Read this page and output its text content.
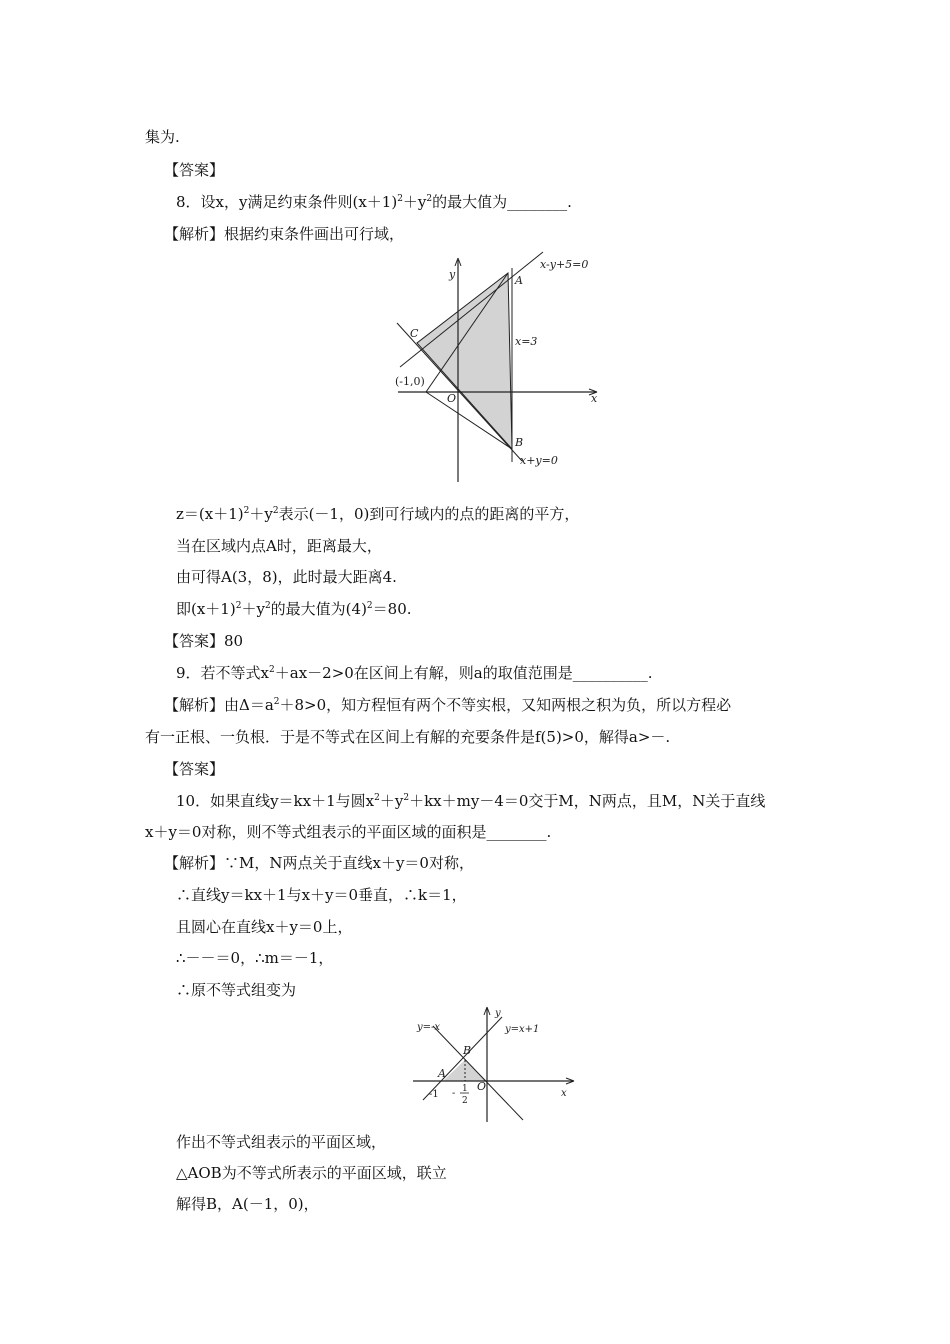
集为.
【答案】
8．设x，y满足约束条件则$(x+1)^2+y^2$的最大值为________.
【解析】根据约束条件画出可行域，
y
x
A
B
C
O
(-1,0)
x-y+5=0
x=3
x+y=0
$z=(x+1)^2+y^2$表示(－1，0)到可行域内的点的距离的平方，
当在区域内点A时，距离最大，
由可得A(3，8)，此时最大距离4.
即$(x+1)^2+y^2$的最大值为$(4)^2=80$.
【答案】80
9．若不等式$x^2+ax-2>0$在区间上有解，则a的取值范围是__________.
【解析】由$\Delta=a^2+8>0$，知方程恒有两个不等实根，又知两根之积为负，所以方程必
有一正根、一负根．于是不等式在区间上有解的充要条件是f(5)>0，解得a>－.
【答案】
10．如果直线y＝kx＋1与圆$x^2+y^2+kx+my-4=0$交于M，N两点，且M，N关于直线
x＋y＝0对称，则不等式组表示的平面区域的面积是________.
【解析】∵M，N两点关于直线x＋y＝0对称，
∴直线y＝kx＋1与x＋y＝0垂直，∴k＝1，
且圆心在直线x＋y＝0上，
∴－－＝0，∴m＝－1，
∴原不等式组变为
y
x
y=-x	y=x+1
B
A
O
-1 - 1
2
作出不等式组表示的平面区域，
△AOB为不等式所表示的平面区域，联立
解得B，A(－1，0)，
